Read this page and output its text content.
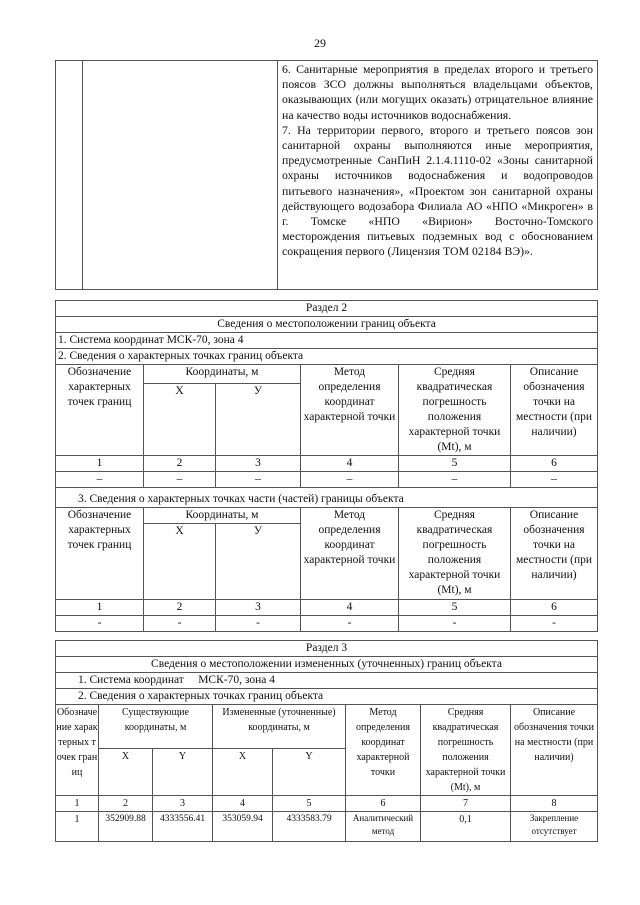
29

6. Санитарные мероприятия в пределах второго и третьего поясов ЗСО должны выполняться владельцами объектов, оказывающих (или могущих оказать) отрицательное влияние на качество воды источников водоснабжения.
7. На территории первого, второго и третьего поясов зон санитарной охраны выполняются иные мероприятия, предусмотренные СанПиН 2.1.4.1110-02 «Зоны санитарной охраны источников водоснабжения и водопроводов питьевого назначения», «Проектом зон санитарной охраны действующего водозабора Филиала АО «НПО «Микроген» в г. Томске «НПО «Вирион» Восточно-Томского месторождения питьевых подземных вод с обоснованием сокращения первого (Лицензия ТОМ 02184 ВЭ)».
Раздел 2					
Сведения о местоположении границ объекта					
1. Система координат МСК-70, зона 4					
2. Сведения о характерных точках границ объекта					
Обозначение характерных точек границ	Координаты, м		Метод определения координат характерной точки	Средняя квадратическая погрешность положения характерной точки (Mt), м	Описание обозначения точки на местности (при наличии)
	X	У			
1	2	3	4	5	6
–	–	–	–	–	–
3. Сведения о характерных точках части (частей) границы объекта					
Обозначение характерных точек границ	Координаты, м		Метод определения координат характерной точки	Средняя квадратическая погрешность положения характерной точки (Mt), м	Описание обозначения точки на местности (при наличии)
	X	У			
1	2	3	4	5	6
-	-	-	-	-	-
Раздел 3							
Сведения о местоположении измененных (уточненных) границ объекта							
1. Система координат     МСК-70, зона 4							
2. Сведения о характерных точках границ объекта							
Обозначение характерных точек границ	Существующие координаты, м		Измененные (уточненные) координаты, м		Метод определения координат характерной точки	Средняя квадратическая погрешность положения характерной точки (Mt), м	Описание обозначения точки на местности (при наличии)
	X	Y	X	Y			
1	2	3	4	5	6	7	8
1	352909.88	4333556.41	353059.94	4333583.79	Аналитический метод	0,1	Закрепление отсутствует
